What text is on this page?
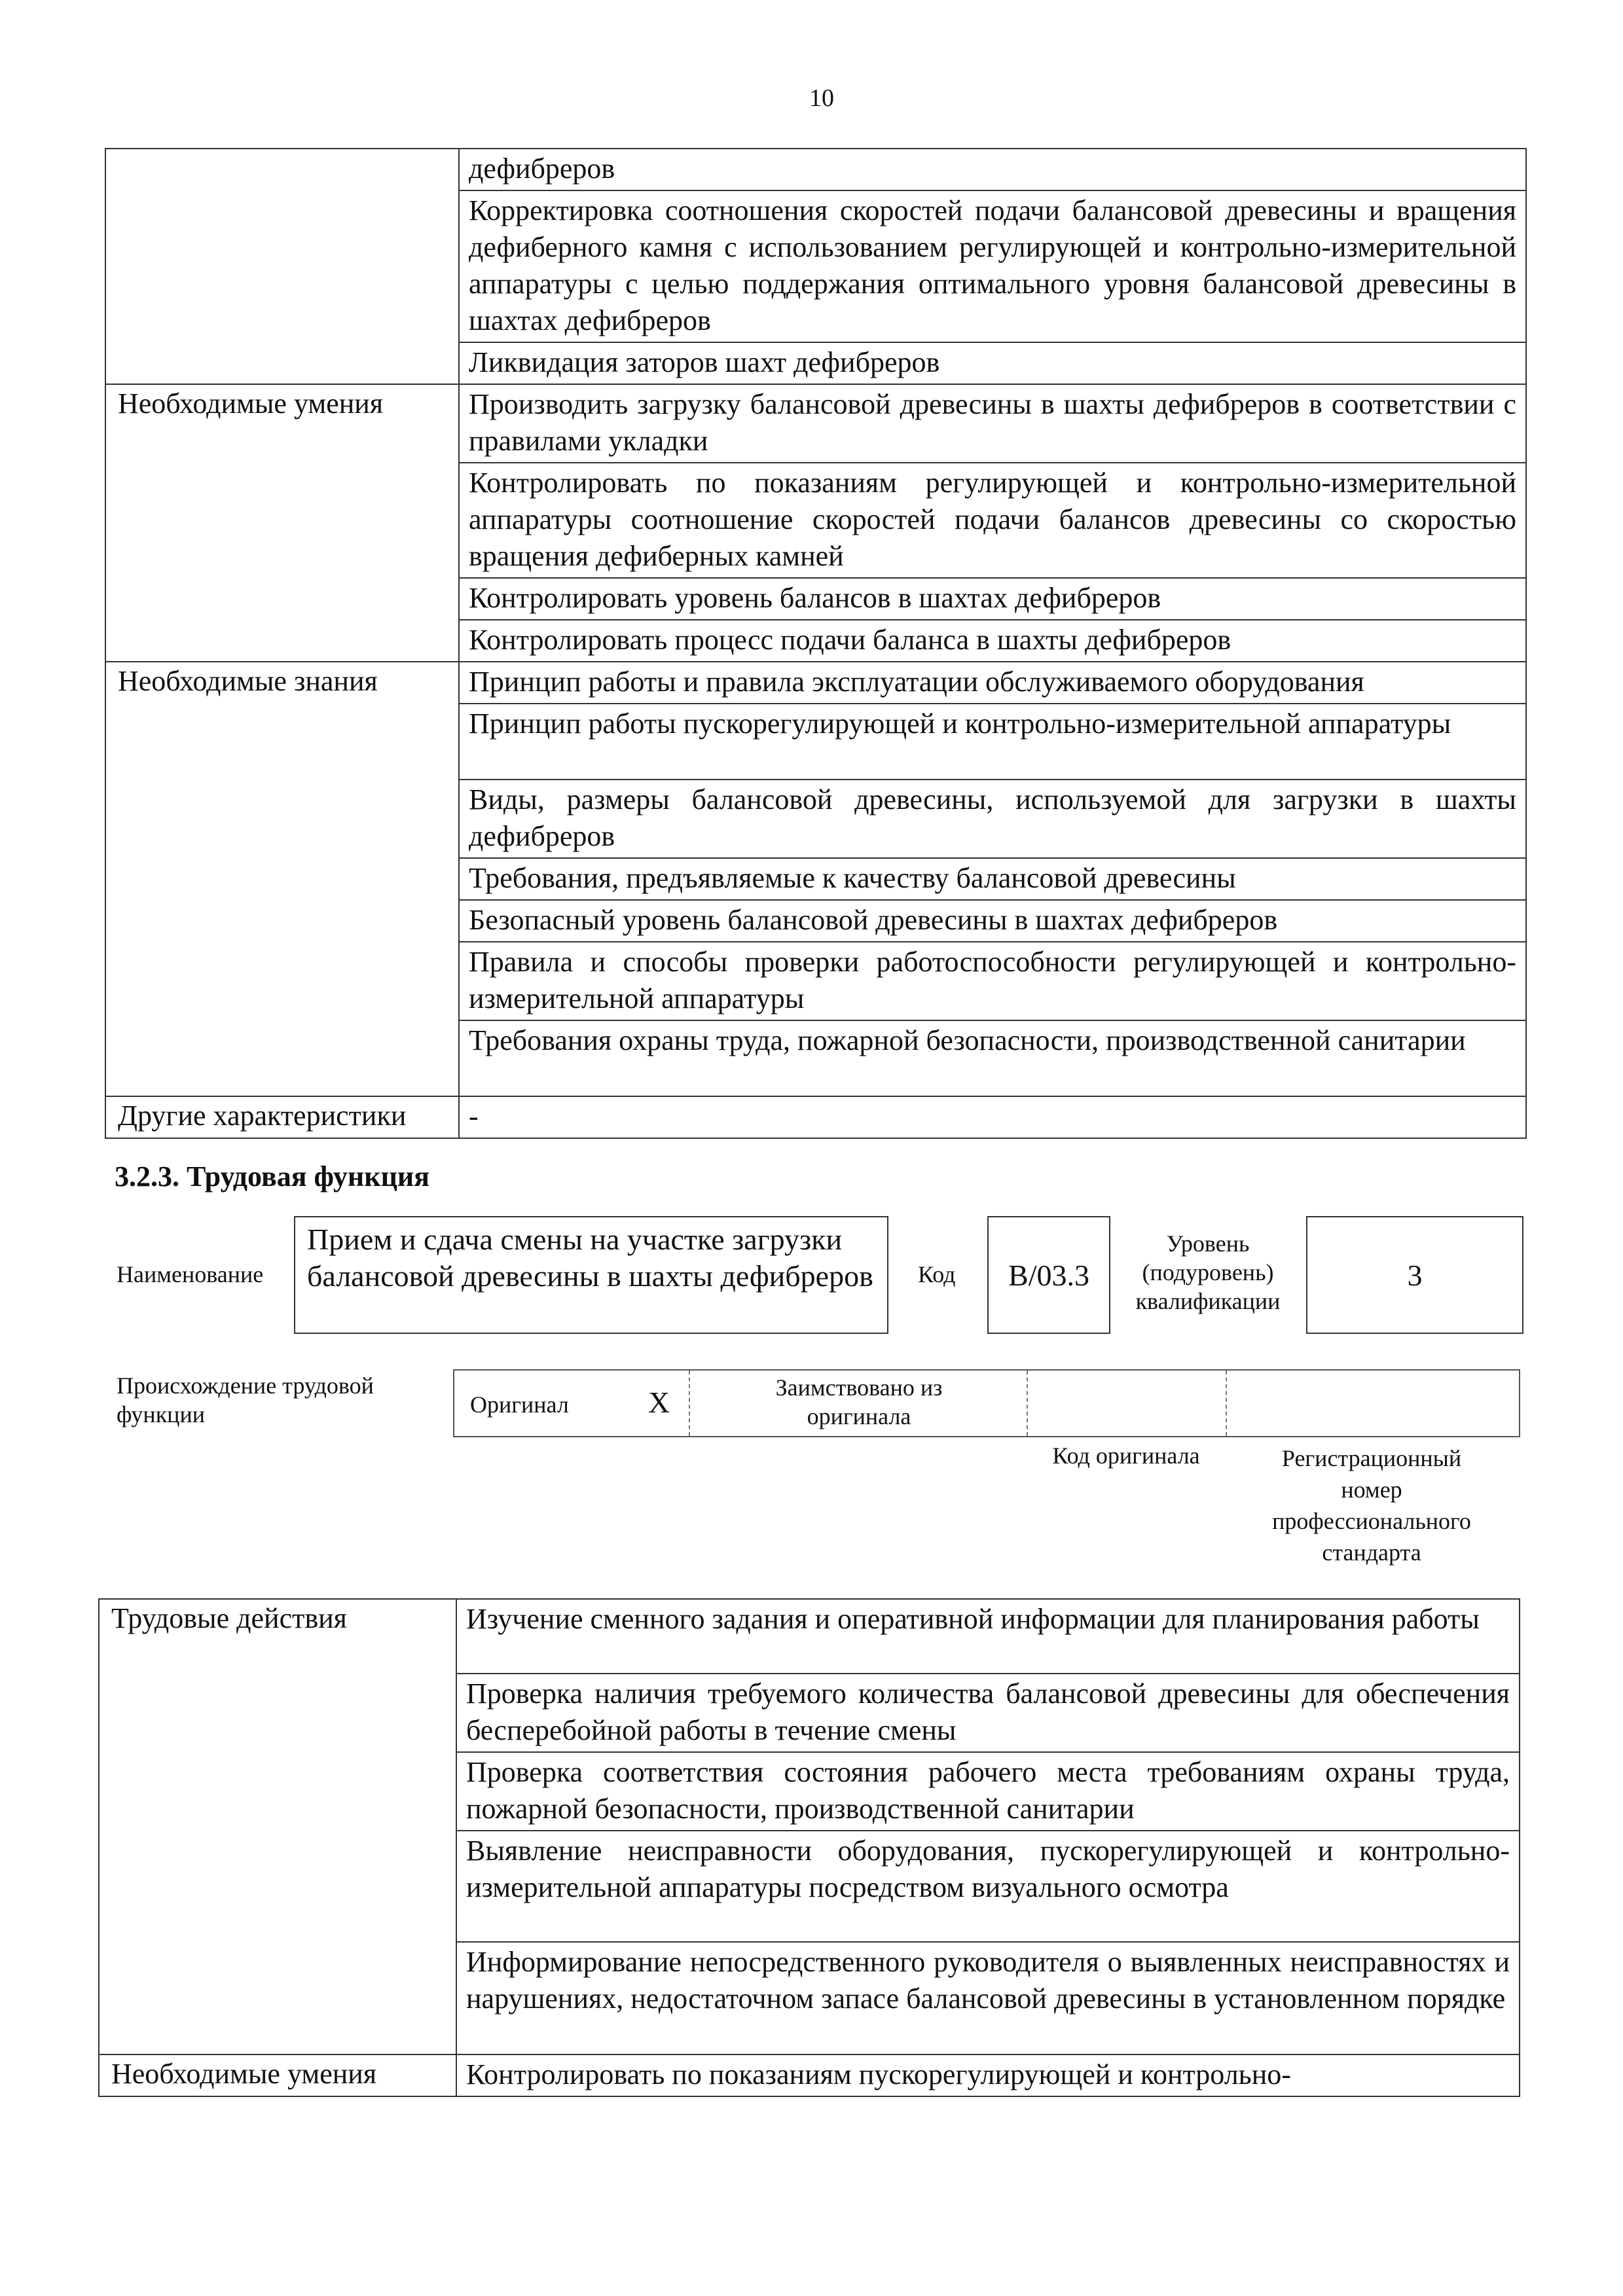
10
	дефибреров
	Корректировка соотношения скоростей подачи балансовой древесины и вращения дефиберного камня с использованием регулирующей и контрольно-измерительной аппаратуры с целью поддержания оптимального уровня балансовой древесины в шахтах дефибреров
	Ликвидация заторов шахт дефибреров
Необходимые умения	Производить загрузку балансовой древесины в шахты дефибреров в соответствии с правилами укладки
	Контролировать по показаниям регулирующей и контрольно-измерительной аппаратуры соотношение скоростей подачи балансов древесины со скоростью вращения дефиберных камней
	Контролировать уровень балансов в шахтах дефибреров
	Контролировать процесс подачи баланса в шахты дефибреров
Необходимые знания	Принцип работы и правила эксплуатации обслуживаемого оборудования
	Принцип работы пускорегулирующей и контрольно-измерительной аппаратуры
	Виды, размеры балансовой древесины, используемой для загрузки в шахты дефибреров
	Требования, предъявляемые к качеству балансовой древесины
	Безопасный уровень балансовой древесины в шахтах дефибреров
	Правила и способы проверки работоспособности регулирующей и контрольно-измерительной аппаратуры
	Требования охраны труда, пожарной безопасности, производственной санитарии
Другие характеристики	-
3.2.3. Трудовая функция
Наименование
Прием и сдача смены на участке загрузки балансовой древесины в шахты дефибреров	Код B/03.3
Уровень
(подуровень)
квалификации
3
Происхождение трудовой
функции	Оригинал	X	Заимствовано из
оригинала
Код оригинала	Регистрационный
номер
профессионального
стандарта
Трудовые действия	Изучение сменного задания и оперативной информации для планирования работы
	Проверка наличия требуемого количества балансовой древесины для обеспечения бесперебойной работы в течение смены
	Проверка соответствия состояния рабочего места требованиям охраны труда, пожарной безопасности, производственной санитарии
	Выявление неисправности оборудования, пускорегулирующей и контрольно-измерительной аппаратуры посредством визуального осмотра
	Информирование непосредственного руководителя о выявленных неисправностях и нарушениях, недостаточном запасе балансовой древесины в установленном порядке
Необходимые умения	Контролировать по показаниям пускорегулирующей и контрольно-
